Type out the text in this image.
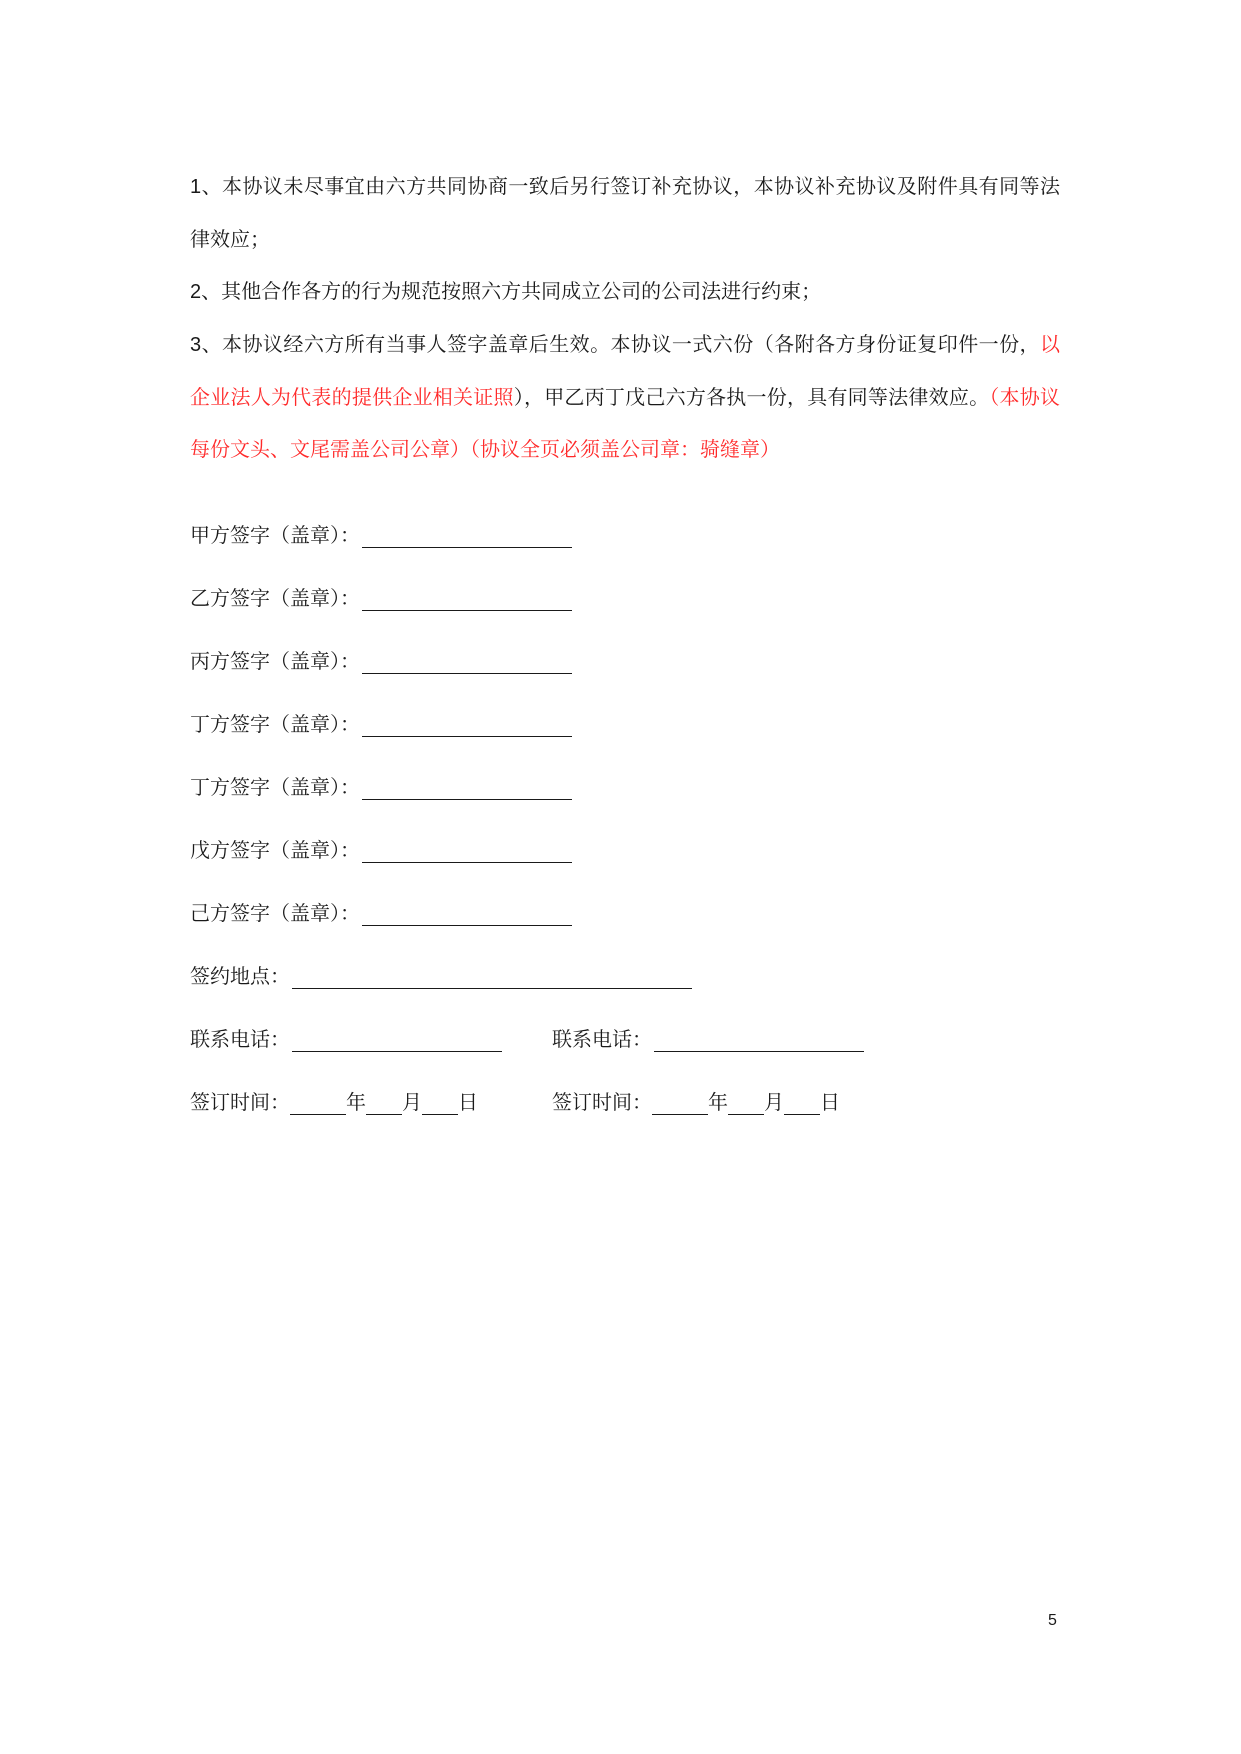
1、本协议未尽事宜由六方共同协商一致后另行签订补充协议，本协议补充协议及附件具有同等法律效应；

2、其他合作各方的行为规范按照六方共同成立公司的公司法进行约束；

3、本协议经六方所有当事人签字盖章后生效。本协议一式六份（各附各方身份证复印件一份，以企业法人为代表的提供企业相关证照），甲乙丙丁戊己六方各执一份，具有同等法律效应。（本协议每份文头、文尾需盖公司公章）（协议全页必须盖公司章：骑缝章）

甲方签字（盖章）：
乙方签字（盖章）：
丙方签字（盖章）：
丁方签字（盖章）：
丁方签字（盖章）：
戊方签字（盖章）：
己方签字（盖章）：
签约地点：
联系电话：	联系电话：
签订时间：	年 月 日	签订时间：	年 月 日
5
